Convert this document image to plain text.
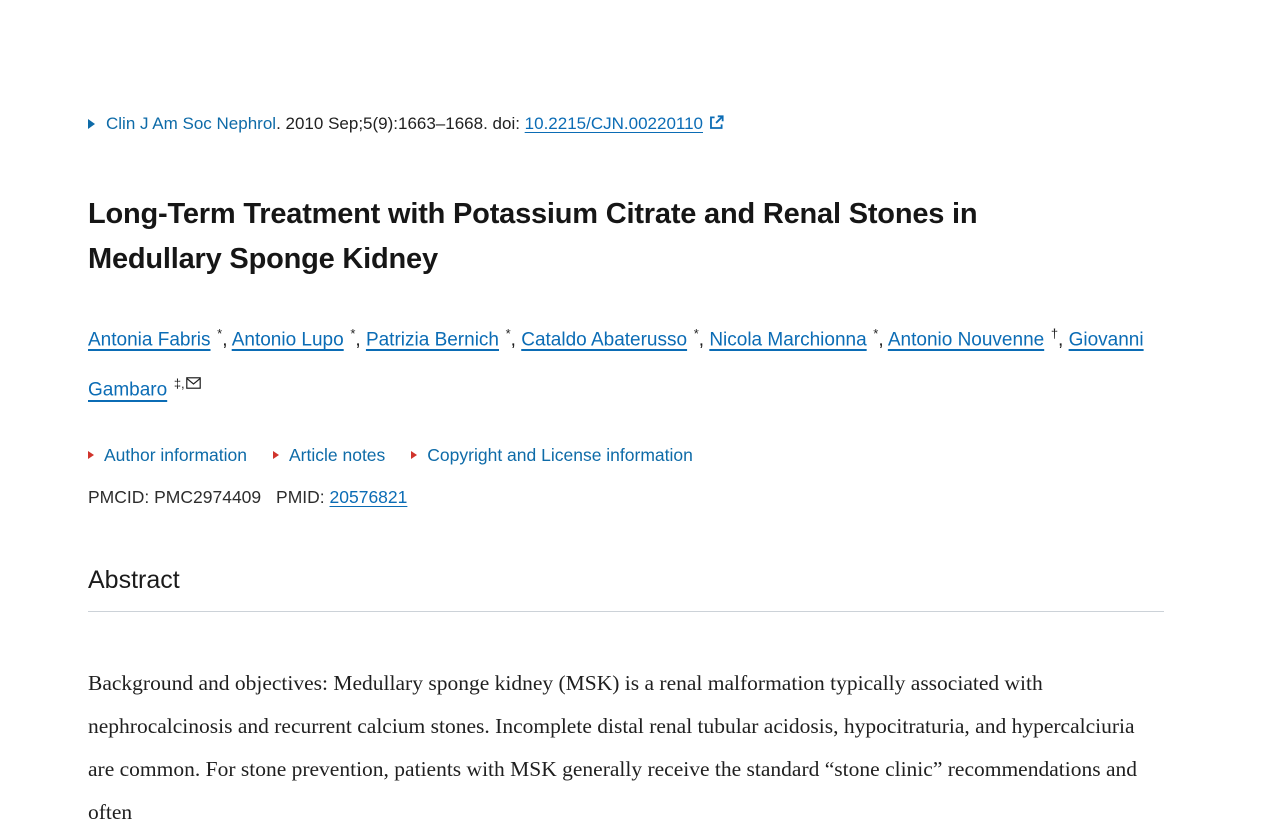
Clin J Am Soc Nephrol. 2010 Sep;5(9):1663–1668. doi: 10.2215/CJN.00220110
Long-Term Treatment with Potassium Citrate and Renal Stones in Medullary Sponge Kidney

Antonia Fabris *, Antonio Lupo *, Patrizia Bernich *, Cataldo Abaterusso *, Nicola Marchionna *, Antonio Nouvenne †, Giovanni Gambaro ‡,

Author information Article notes Copyright and License information
PMCID: PMC2974409 PMID: 20576821
Abstract

Background and objectives: Medullary sponge kidney (MSK) is a renal malformation typically associated with nephrocalcinosis and recurrent calcium stones. Incomplete distal renal tubular acidosis, hypocitraturia, and hypercalciuria are common. For stone prevention, patients with MSK generally receive the standard “stone clinic” recommendations and often
